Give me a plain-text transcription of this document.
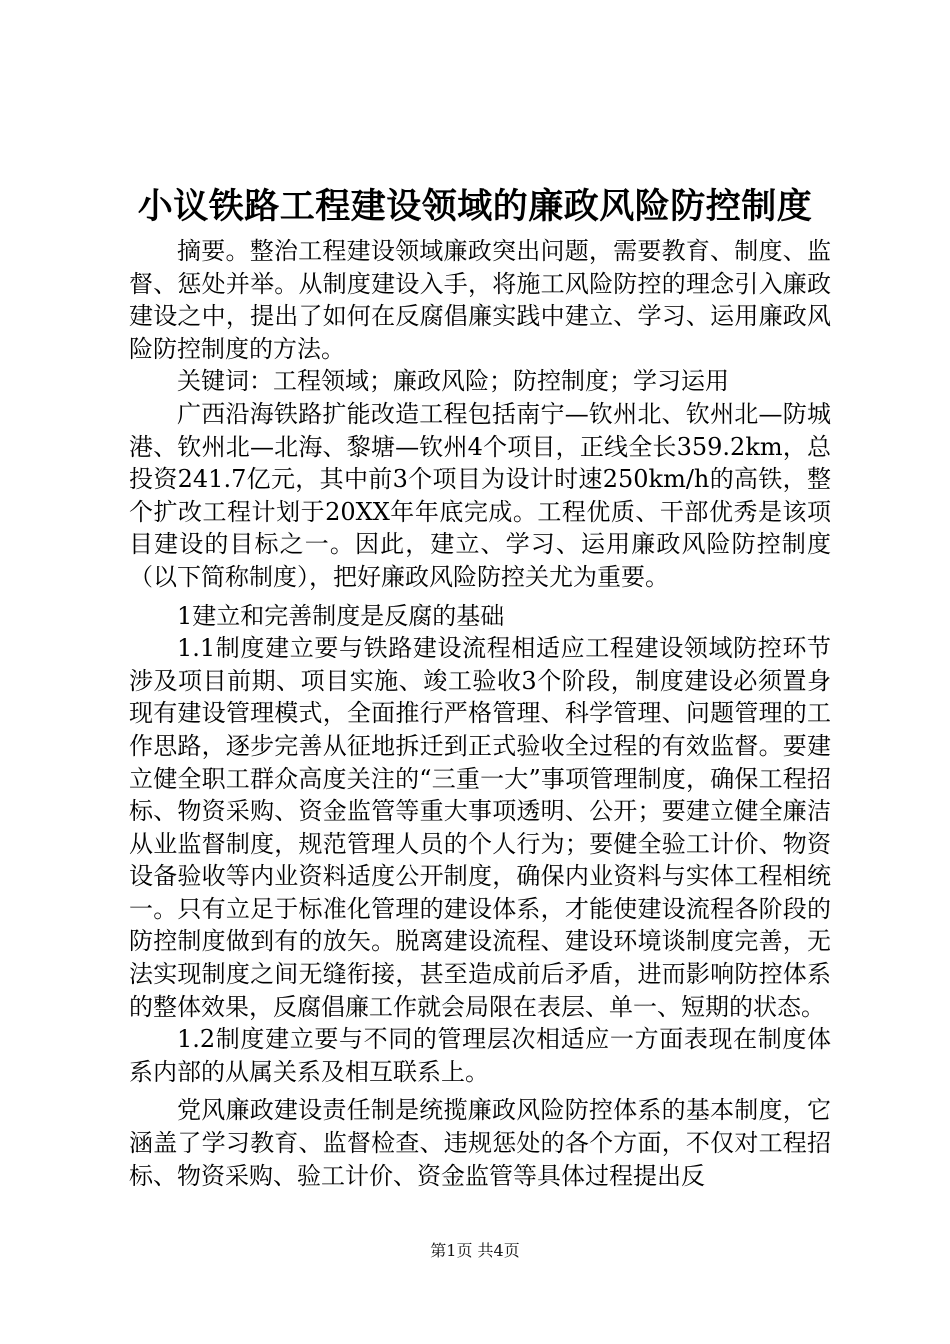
小议铁路工程建设领域的廉政风险防控制度

摘要。整治工程建设领域廉政突出问题，需要教育、制度、监督、惩处并举。从制度建设入手，将施工风险防控的理念引入廉政建设之中，提出了如何在反腐倡廉实践中建立、学习、运用廉政风险防控制度的方法。

关键词：工程领域；廉政风险；防控制度；学习运用

广西沿海铁路扩能改造工程包括南宁—钦州北、钦州北—防城港、钦州北—北海、黎塘—钦州4个项目，正线全长359.2km，总投资241.7亿元，其中前3个项目为设计时速250km/h的高铁，整个扩改工程计划于20XX年年底完成。工程优质、干部优秀是该项目建设的目标之一。因此，建立、学习、运用廉政风险防控制度（以下简称制度），把好廉政风险防控关尤为重要。

1建立和完善制度是反腐的基础

1.1制度建立要与铁路建设流程相适应工程建设领域防控环节涉及项目前期、项目实施、竣工验收3个阶段，制度建设必须置身现有建设管理模式，全面推行严格管理、科学管理、问题管理的工作思路，逐步完善从征地拆迁到正式验收全过程的有效监督。要建立健全职工群众高度关注的“三重一大”事项管理制度，确保工程招标、物资采购、资金监管等重大事项透明、公开；要建立健全廉洁从业监督制度，规范管理人员的个人行为；要健全验工计价、物资设备验收等内业资料适度公开制度，确保内业资料与实体工程相统一。只有立足于标准化管理的建设体系，才能使建设流程各阶段的防控制度做到有的放矢。脱离建设流程、建设环境谈制度完善，无法实现制度之间无缝衔接，甚至造成前后矛盾，进而影响防控体系的整体效果，反腐倡廉工作就会局限在表层、单一、短期的状态。

1.2制度建立要与不同的管理层次相适应一方面表现在制度体系内部的从属关系及相互联系上。

党风廉政建设责任制是统揽廉政风险防控体系的基本制度，它涵盖了学习教育、监督检查、违规惩处的各个方面，不仅对工程招标、物资采购、验工计价、资金监管等具体过程提出反

第1页 共4页
